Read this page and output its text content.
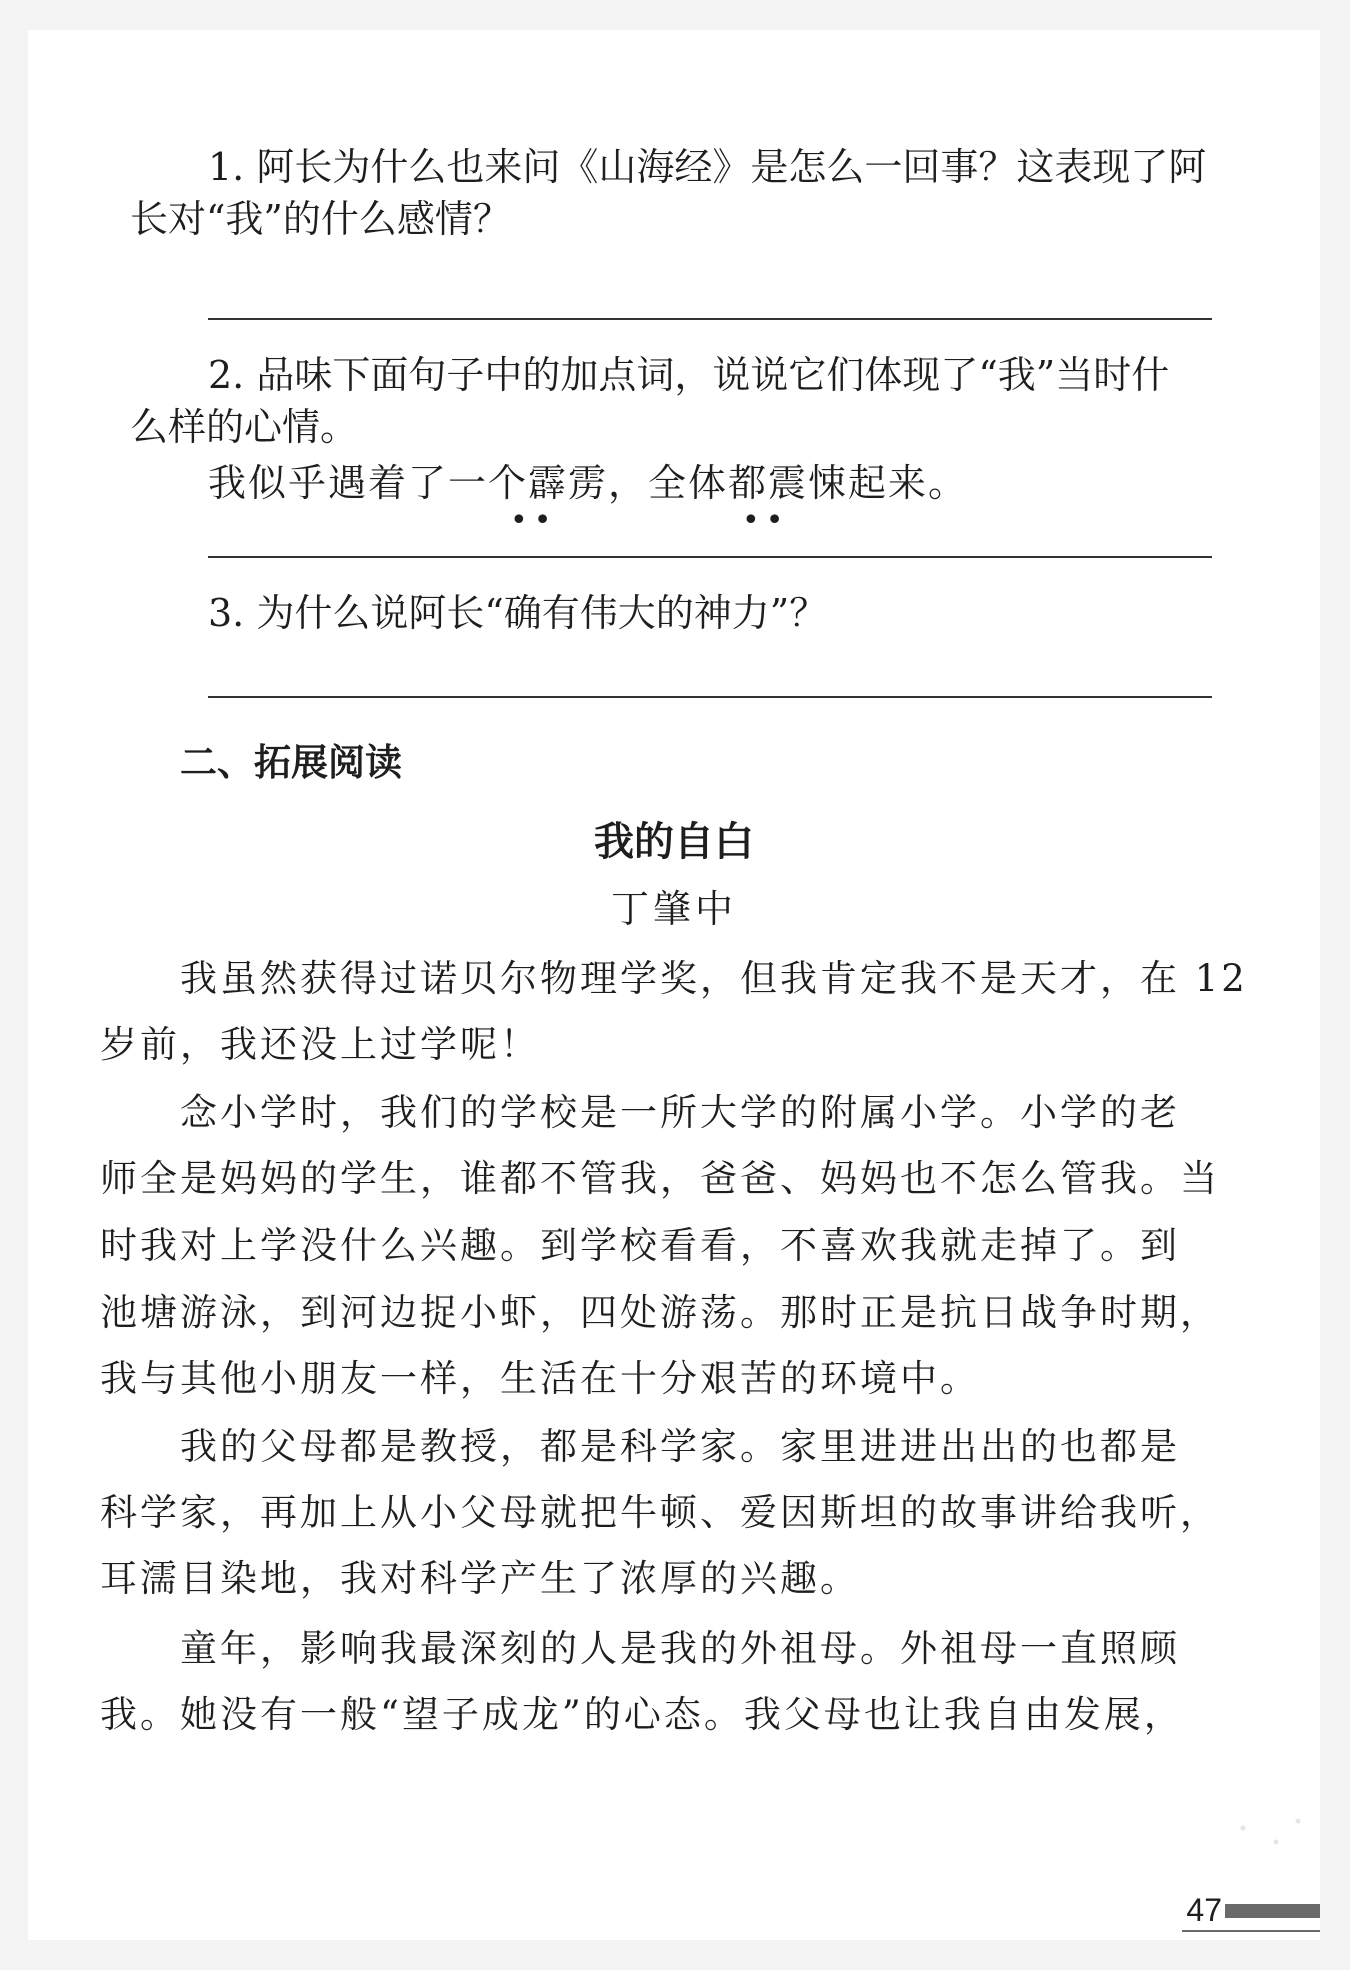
1. 阿长为什么也来问《山海经》是怎么一回事？这表现了阿
长对“我”的什么感情？
2. 品味下面句子中的加点词，说说它们体现了“我”当时什
么样的心情。
我似乎遇着了一个霹雳，全体都震悚起来。
••	••
3. 为什么说阿长“确有伟大的神力”？
二、拓展阅读
我的自白
丁肇中
我虽然获得过诺贝尔物理学奖，但我肯定我不是天才，在 12
岁前，我还没上过学呢！
念小学时，我们的学校是一所大学的附属小学。小学的老
师全是妈妈的学生，谁都不管我，爸爸、妈妈也不怎么管我。当
时我对上学没什么兴趣。到学校看看，不喜欢我就走掉了。到
池塘游泳，到河边捉小虾，四处游荡。那时正是抗日战争时期，
我与其他小朋友一样，生活在十分艰苦的环境中。
我的父母都是教授，都是科学家。家里进进出出的也都是
科学家，再加上从小父母就把牛顿、爱因斯坦的故事讲给我听，
耳濡目染地，我对科学产生了浓厚的兴趣。
童年，影响我最深刻的人是我的外祖母。外祖母一直照顾
我。她没有一般“望子成龙”的心态。我父母也让我自由发展，
47
